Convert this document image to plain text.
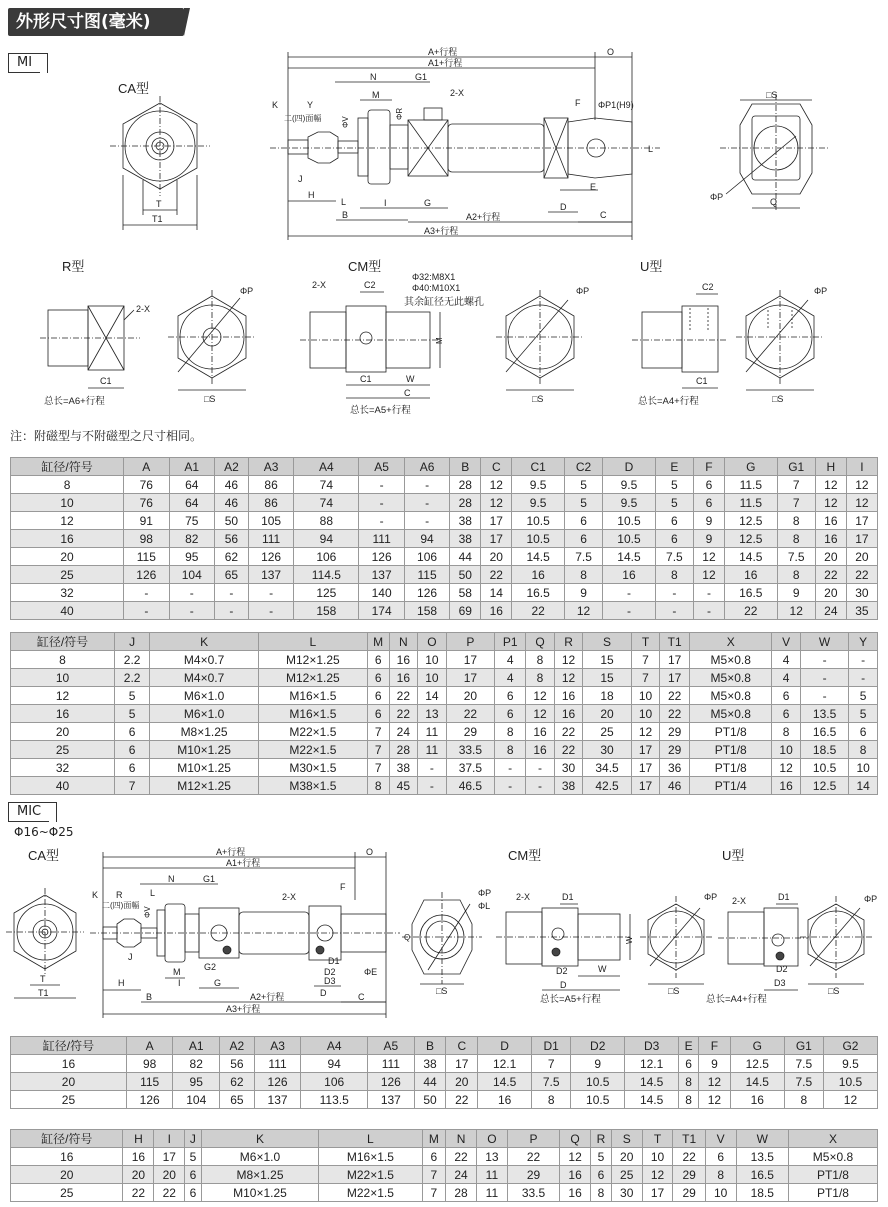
外形尺寸图(毫米)
MI
CA型
T
T1
A+行程
A1+行程
O
N	G1
M	2-X
K	Y
二(四)面幅 ΦV
ΦR
F ΦP1(H9)
L
J
H
B
L	I	G
A2+行程
A3+行程
D
E
C
□S
ΦP	Q
R型
2-X
C1
总长=A6+行程
ΦP
□S
CM型
2-X	C2
Φ32:M8X1
Φ40:M10X1
其余缸径无此螺孔
M
C1	W
C
总长=A5+行程
ΦP
□S
U型
C2
C1
总长=A4+行程
ΦP
□S
注：附磁型与不附磁型之尺寸相同。
缸径/符号	A	A1	A2	A3	A4	A5	A6	B	C	C1	C2	D	E	F	G	G1	H	I
8	76	64	46	86	74	-	-	28	12	9.5	5	9.5	5	6	11.5	7	12	12
10	76	64	46	86	74	-	-	28	12	9.5	5	9.5	5	6	11.5	7	12	12
12	91	75	50	105	88	-	-	38	17	10.5	6	10.5	6	9	12.5	8	16	17
16	98	82	56	111	94	111	94	38	17	10.5	6	10.5	6	9	12.5	8	16	17
20	115	95	62	126	106	126	106	44	20	14.5	7.5	14.5	7.5	12	14.5	7.5	20	20
25	126	104	65	137	114.5	137	115	50	22	16	8	16	8	12	16	8	22	22
32	-	-	-	-	125	140	126	58	14	16.5	9	-	-	-	16.5	9	20	30
40	-	-	-	-	158	174	158	69	16	22	12	-	-	-	22	12	24	35
缸径/符号	J	K	L	M	N	O	P	P1	Q	R	S	T	T1	X	V	W	Y
8	2.2	M4×0.7	M12×1.25	6	16	10	17	4	8	12	15	7	17	M5×0.8	4	-	-
10	2.2	M4×0.7	M12×1.25	6	16	10	17	4	8	12	15	7	17	M5×0.8	4	-	-
12	5	M6×1.0	M16×1.5	6	22	14	20	6	12	16	18	10	22	M5×0.8	6	-	5
16	5	M6×1.0	M16×1.5	6	22	13	22	6	12	16	20	10	22	M5×0.8	6	13.5	5
20	6	M8×1.25	M22×1.5	7	24	11	29	8	16	22	25	12	29	PT1/8	8	16.5	6
25	6	M10×1.25	M22×1.5	7	28	11	33.5	8	16	22	30	17	29	PT1/8	10	18.5	8
32	6	M10×1.25	M30×1.5	7	38	-	37.5	-	-	30	34.5	17	36	PT1/8	12	10.5	10
40	7	M12×1.25	M38×1.5	8	45	-	46.5	-	-	38	42.5	17	46	PT1/4	16	12.5	14
MIC
Φ16~Φ25
CA型
T
T1
A+行程
A1+行程
O
N	G1
2-X
F
K R
二(四)面幅
L
ΦV
J
H
B
M
I
G2
G
A2+行程
A3+行程
D1
D2
D3
D
ΦE
C
ΦP
ΦL
Q
□S
CM型
2-X	D1
D2
D
W
W
总长=A5+行程
ΦP
□S
U型
2-X	D1
D2
D3
总长=A4+行程
ΦP
□S
缸径/符号	A	A1	A2	A3	A4	A5	B	C	D	D1	D2	D3	E	F	G	G1	G2
16	98	82	56	111	94	111	38	17	12.1	7	9	12.1	6	9	12.5	7.5	9.5
20	115	95	62	126	106	126	44	20	14.5	7.5	10.5	14.5	8	12	14.5	7.5	10.5
25	126	104	65	137	113.5	137	50	22	16	8	10.5	14.5	8	12	16	8	12
缸径/符号	H	I	J	K	L	M	N	O	P	Q	R	S	T	T1	V	W	X
16	16	17	5	M6×1.0	M16×1.5	6	22	13	22	12	5	20	10	22	6	13.5	M5×0.8
20	20	20	6	M8×1.25	M22×1.5	7	24	11	29	16	6	25	12	29	8	16.5	PT1/8
25	22	22	6	M10×1.25	M22×1.5	7	28	11	33.5	16	8	30	17	29	10	18.5	PT1/8
